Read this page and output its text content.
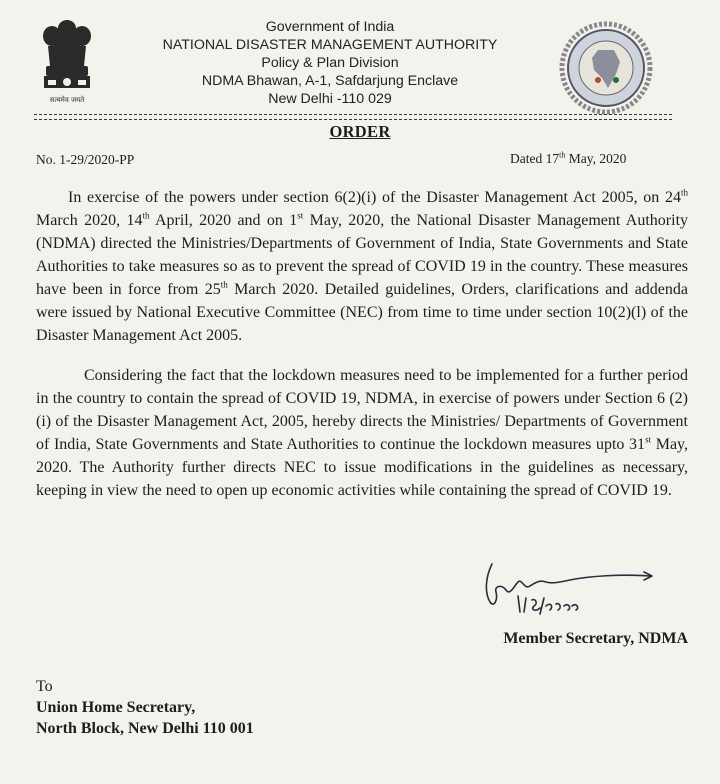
सत्यमेव जयते
Government of India
NATIONAL DISASTER MANAGEMENT AUTHORITY
Policy & Plan Division
NDMA Bhawan, A-1, Safdarjung Enclave
New Delhi -110 029
ORDER
No. 1-29/2020-PP	Dated 17th May, 2020

In exercise of the powers under section 6(2)(i) of the Disaster Management Act 2005, on 24th March 2020, 14th April, 2020 and on 1st May, 2020, the National Disaster Management Authority (NDMA) directed the Ministries/Departments of Government of India, State Governments and State Authorities to take measures so as to prevent the spread of COVID 19 in the country. These measures have been in force from 25th March 2020. Detailed guidelines, Orders, clarifications and addenda were issued by National Executive Committee (NEC) from time to time under section 10(2)(l) of the Disaster Management Act 2005.

Considering the fact that the lockdown measures need to be implemented for a further period in the country to contain the spread of COVID 19, NDMA, in exercise of powers under Section 6 (2) (i) of the Disaster Management Act, 2005, hereby directs the Ministries/ Departments of Government of India, State Governments and State Authorities to continue the lockdown measures upto 31st May, 2020. The Authority further directs NEC to issue modifications in the guidelines as necessary, keeping in view the need to open up economic activities while containing the spread of COVID 19.

Member Secretary, NDMA
To
Union Home Secretary,
North Block, New Delhi 110 001
